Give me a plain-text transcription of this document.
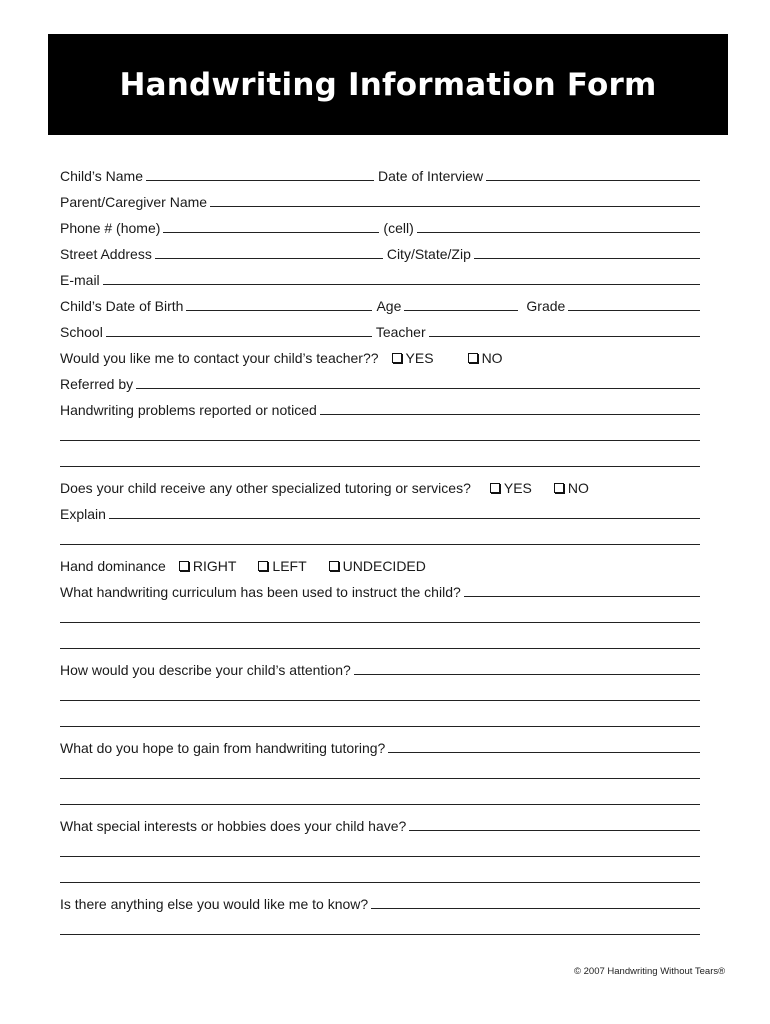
Handwriting Information Form
Child’s Name	Date of Interview
Parent/Caregiver Name
Phone # (home)	(cell)
Street Address	City/State/Zip
E-mail
Child’s Date of Birth	Age	Grade
School	Teacher
Would you like me to contact your child’s teacher?? YES	NO
Referred by
Handwriting problems reported or noticed
Does your child receive any other specialized tutoring or services? YES	NO
Explain
Hand dominance RIGHT	LEFT	UNDECIDED
What handwriting curriculum has been used to instruct the child?
How would you describe your child’s attention?
What do you hope to gain from handwriting tutoring?
What special interests or hobbies does your child have?
Is there anything else you would like me to know?
© 2007 Handwriting Without Tears®
